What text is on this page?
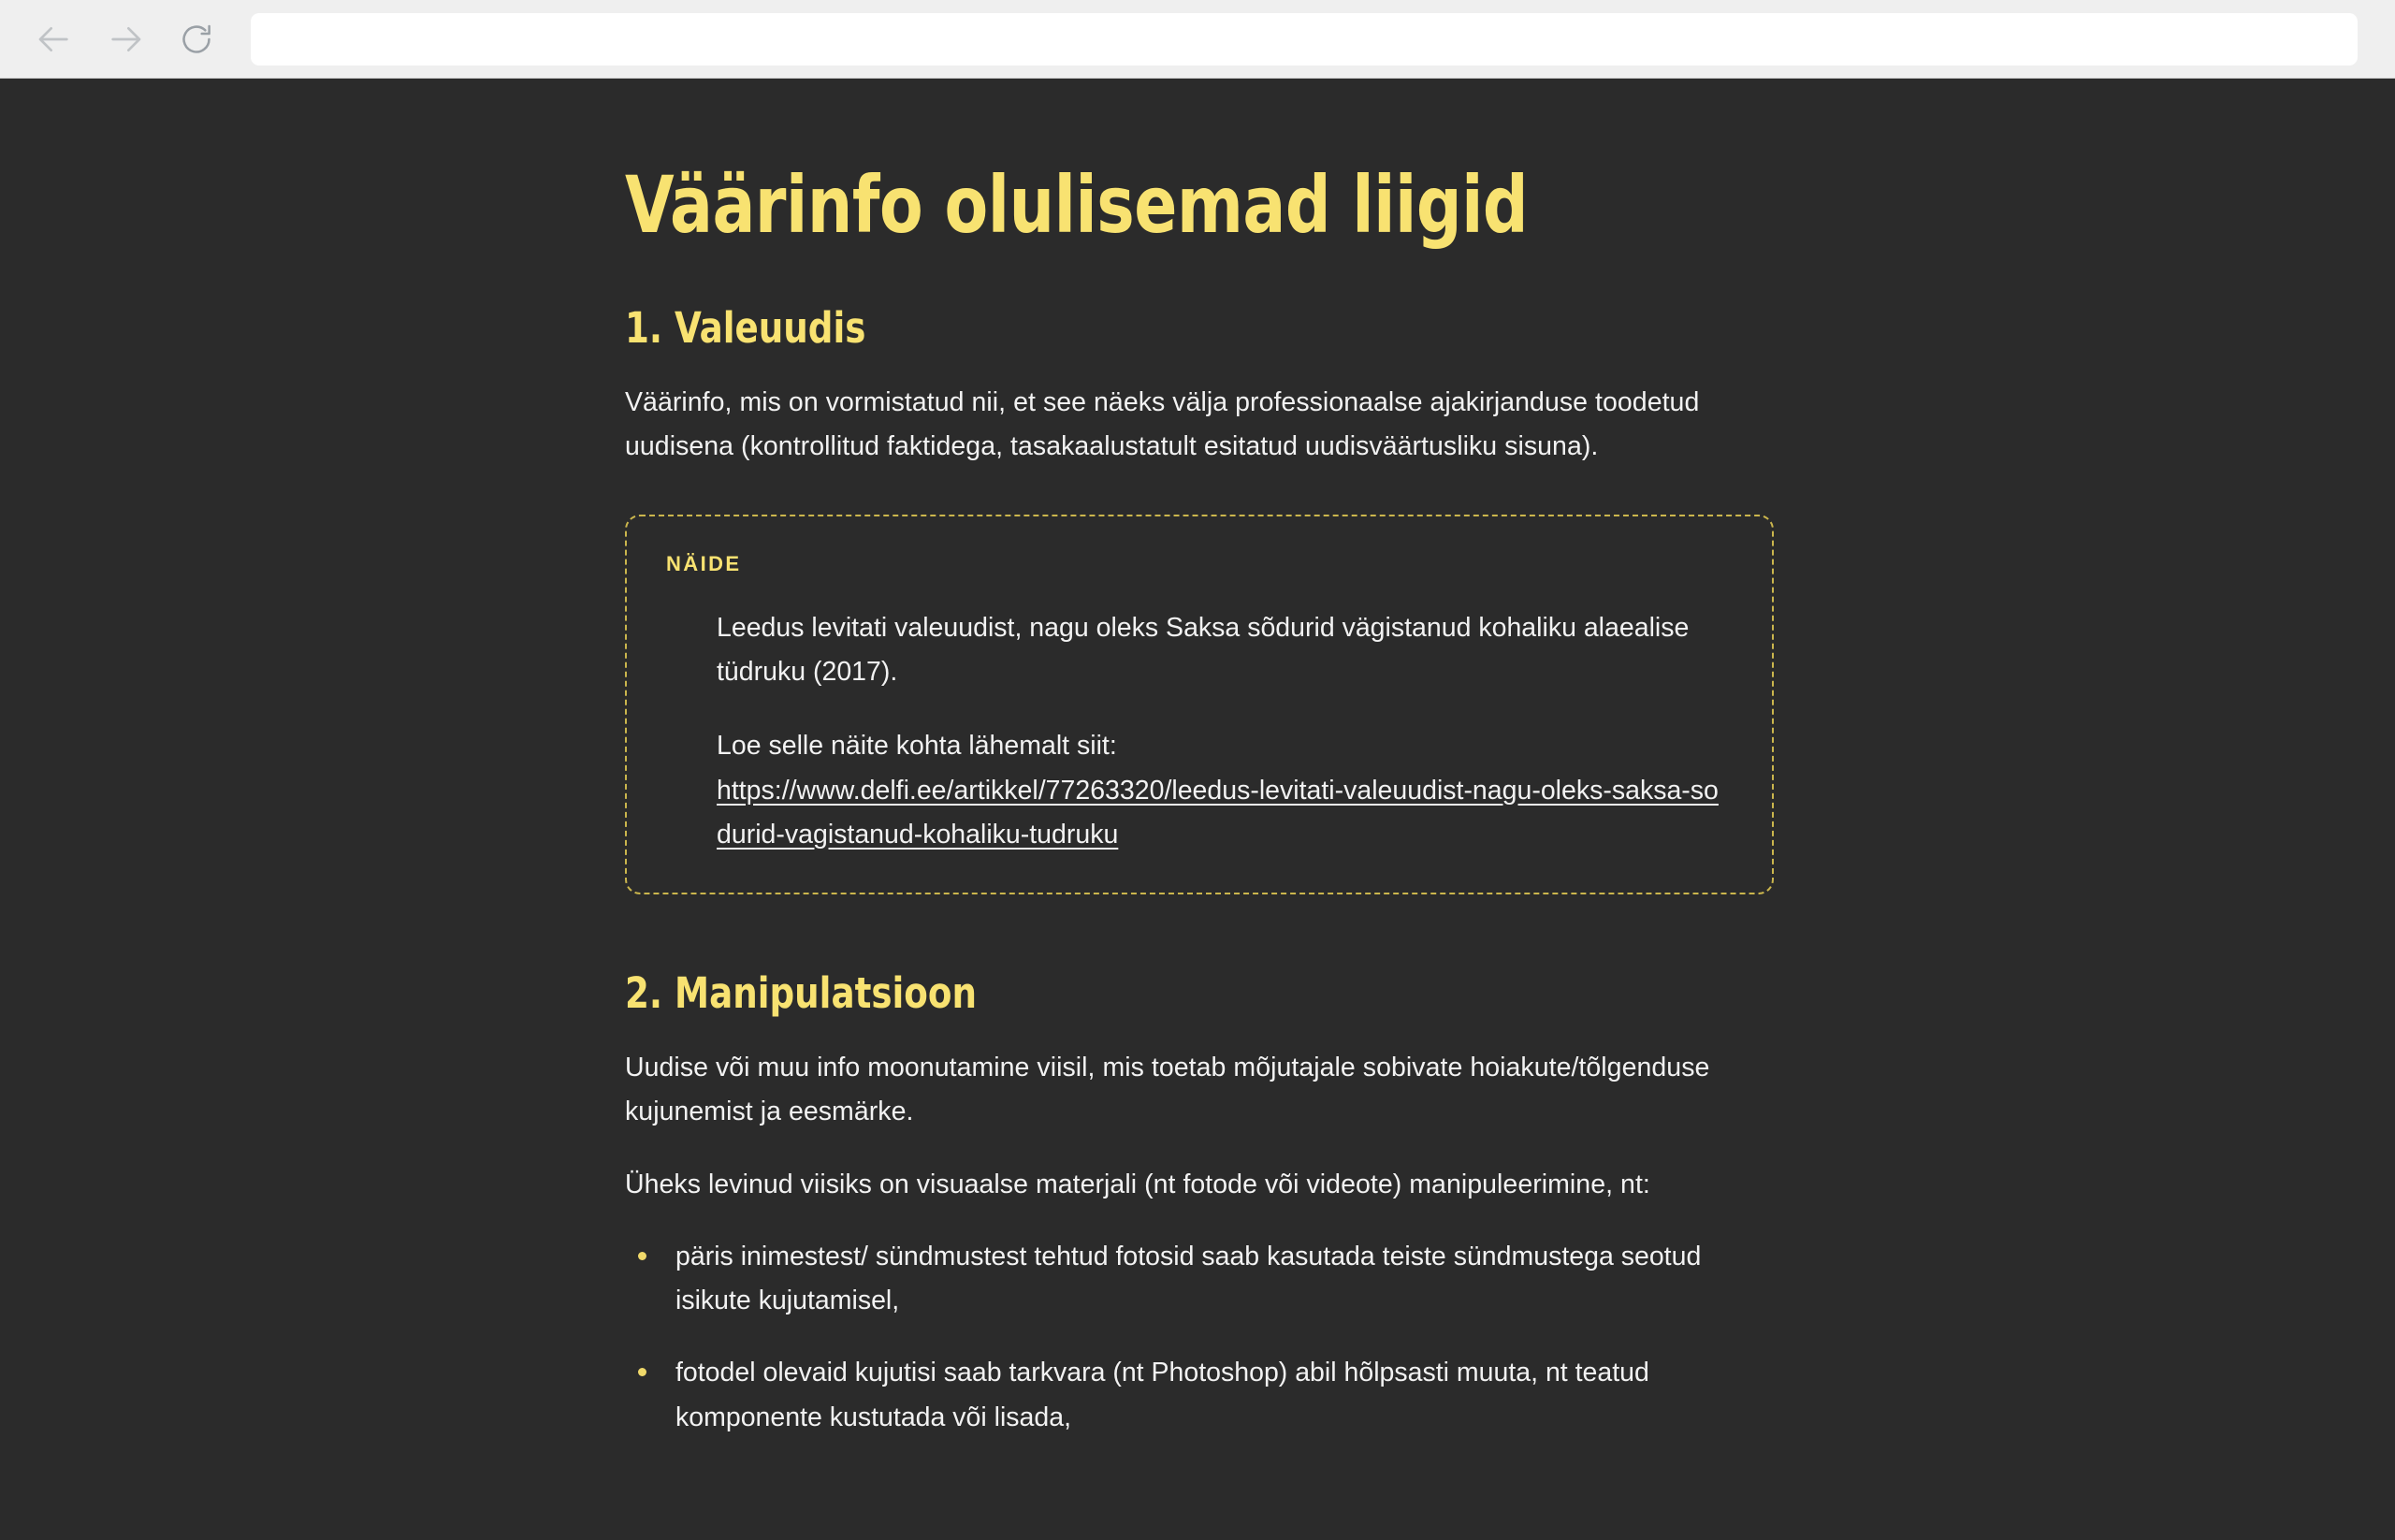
Väärinfo olulisemad liigid
1. Valeuudis

Väärinfo, mis on vormistatud nii, et see näeks välja professionaalse ajakirjanduse toodetud uudisena (kontrollitud faktidega, tasakaalustatult esitatud uudisväärtusliku sisuna).

NÄIDE

Leedus levitati valeuudist, nagu oleks Saksa sõdurid vägistanud kohaliku alaealise tüdruku (2017).

Loe selle näite kohta lähemalt siit:
https://www.delfi.ee/artikkel/77263320/leedus-levitati-valeuudist-nagu-oleks-saksa-sodurid-vagistanud-kohaliku-tudruku

2. Manipulatsioon

Uudise või muu info moonutamine viisil, mis toetab mõjutajale sobivate hoiakute/tõlgenduse kujunemist ja eesmärke.

Üheks levinud viisiks on visuaalse materjali (nt fotode või videote) manipuleerimine, nt:

päris inimestest/ sündmustest tehtud fotosid saab kasutada teiste sündmustega seotud isikute kujutamisel,
fotodel olevaid kujutisi saab tarkvara (nt Photoshop) abil hõlpsasti muuta, nt teatud komponente kustutada või lisada,
